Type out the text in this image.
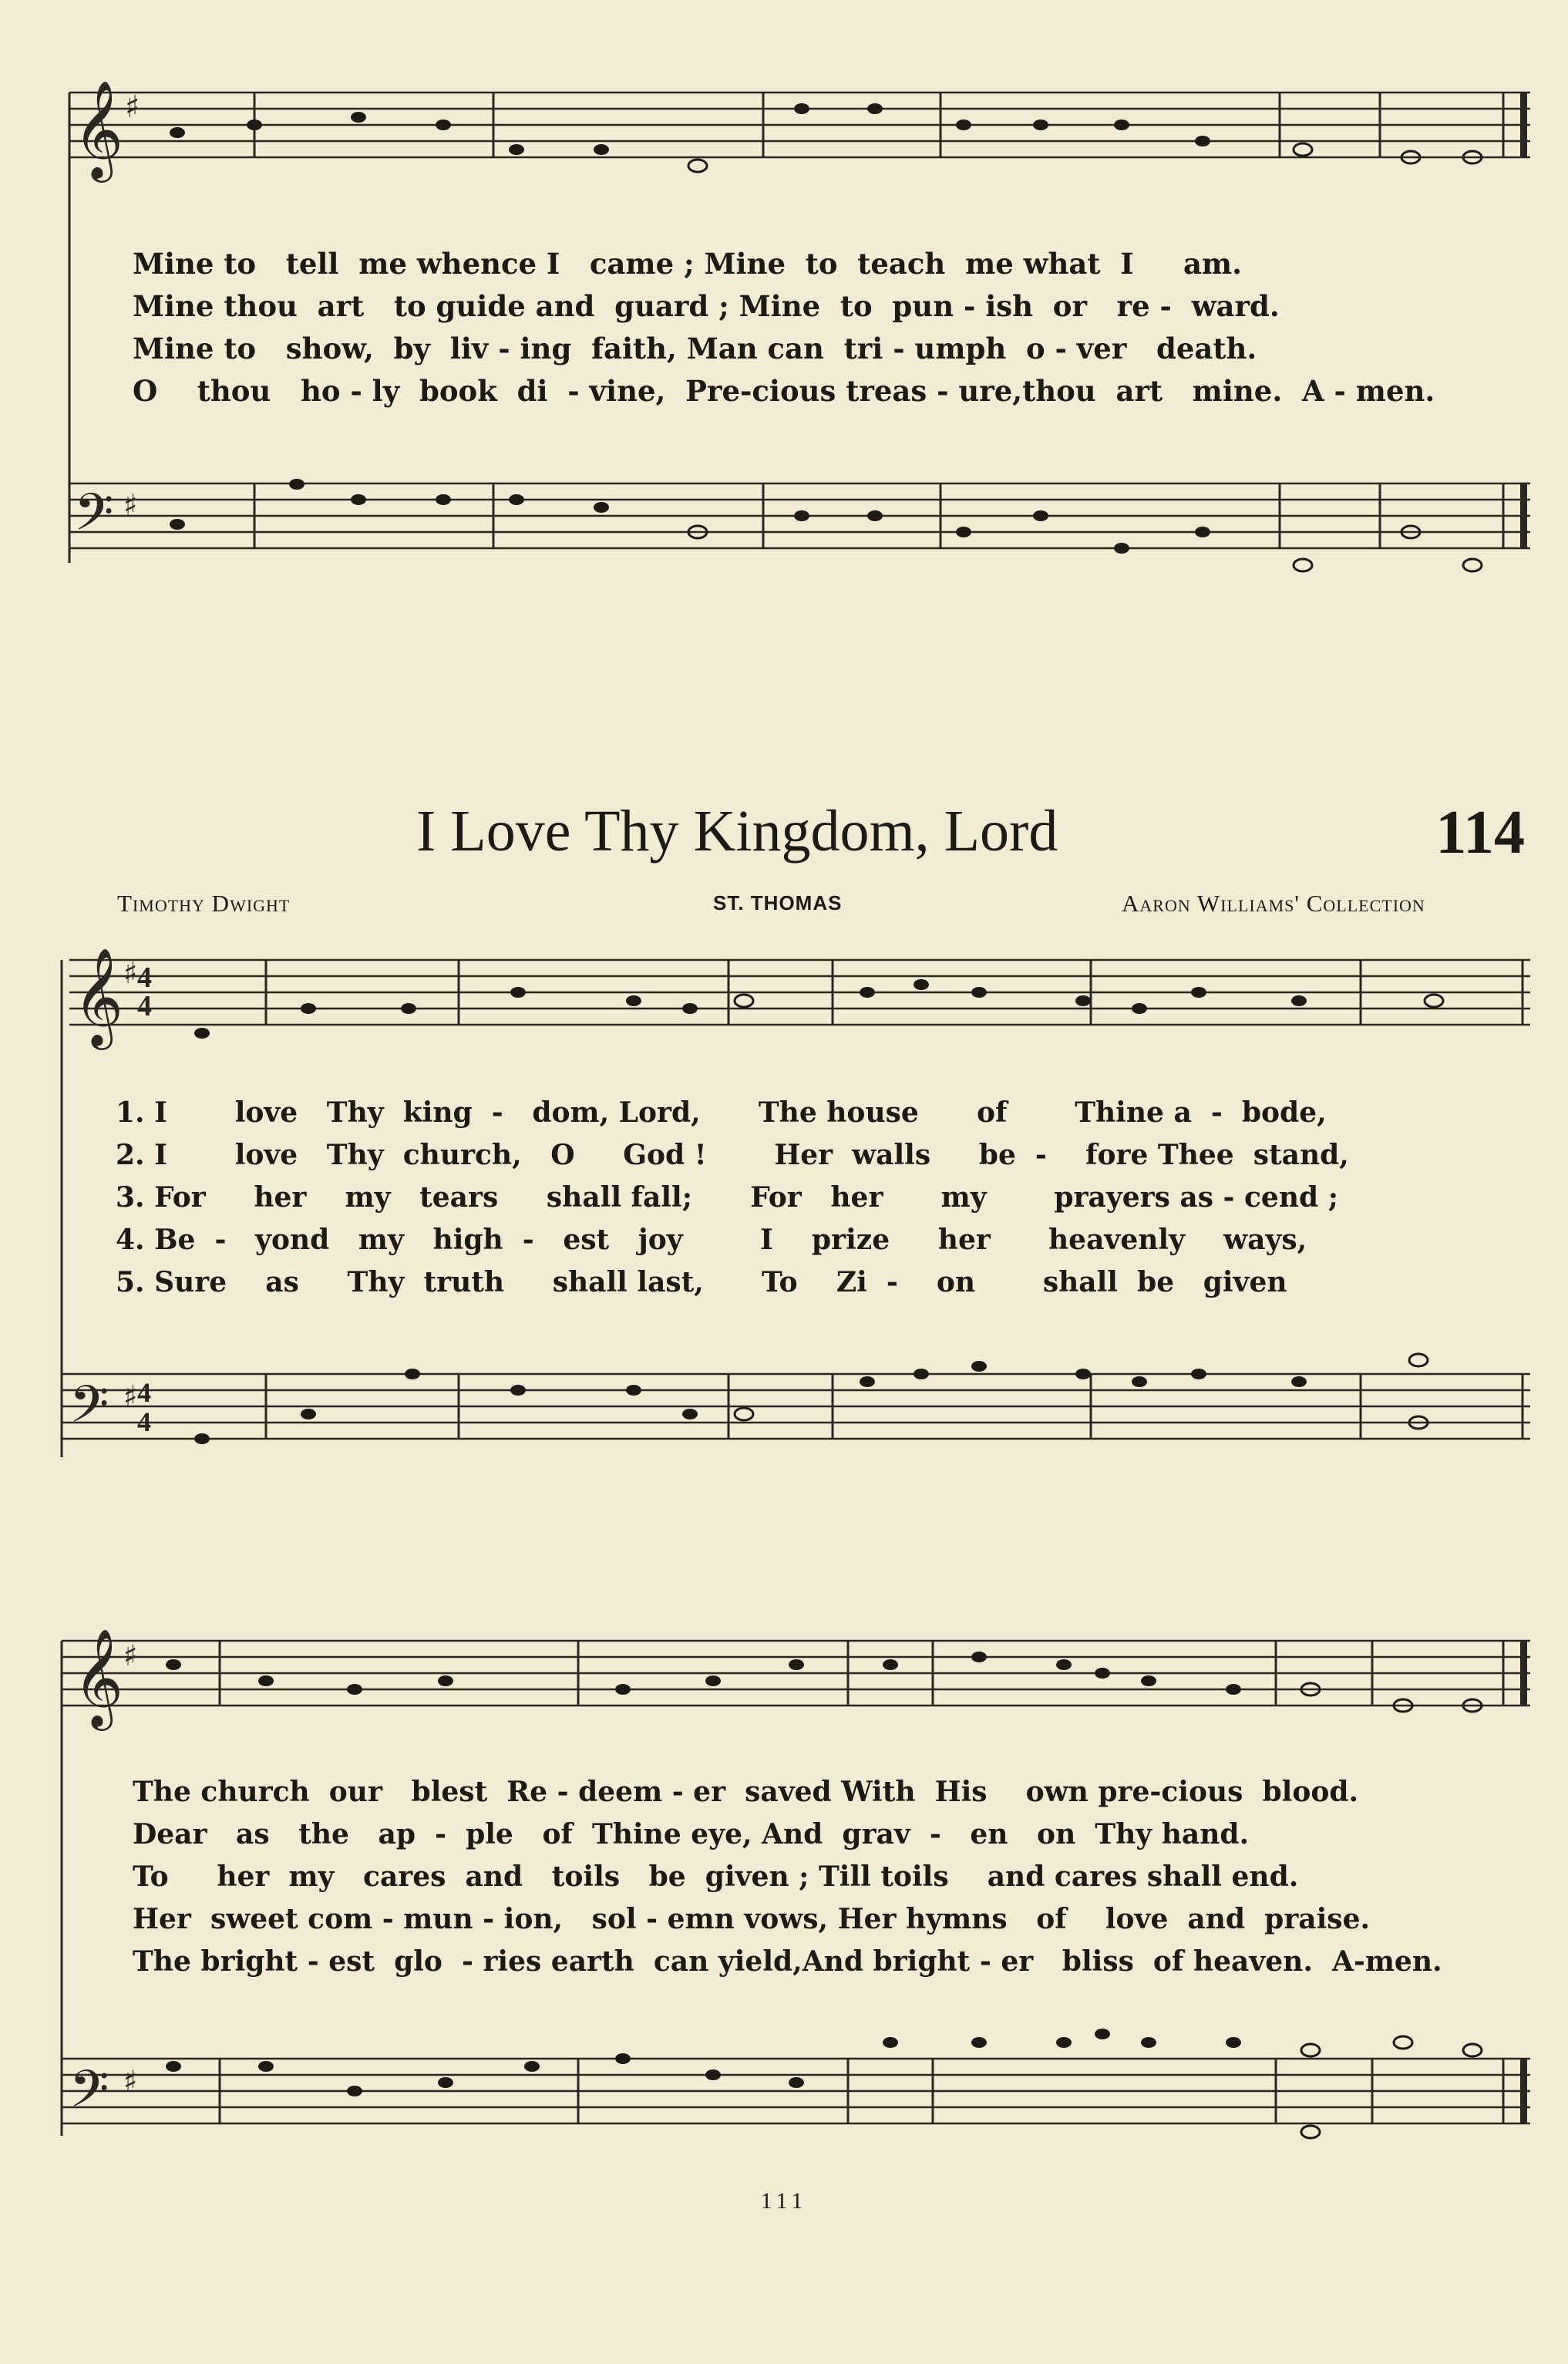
𝄞 ♯
Mine to   tell  me whence I   came ; Mine  to  teach  me what  I     am.
Mine thou  art   to guide and  guard ; Mine  to  pun - ish  or   re -  ward.
Mine to   show,  by  liv - ing  faith, Man can  tri - umph  o - ver   death.
O    thou   ho - ly  book  di  - vine,  Pre-cious treas - ure,thou  art   mine.  A - men.
𝄢 ♯
I Love Thy Kingdom, Lord	114
Timothy Dwight	ST. THOMAS	Aaron Williams' Collection
𝄞 ♯ 4
4
1. I       love   Thy  king  -   dom, Lord,      The house      of       Thine a  -  bode,
2. I       love   Thy  church,   O     God !       Her  walls     be  -    fore Thee  stand,
3. For     her    my   tears     shall fall;      For   her      my       prayers as - cend ;
4. Be  -   yond   my   high  -   est   joy        I    prize     her      heavenly    ways,
5. Sure    as     Thy  truth     shall last,      To    Zi  -    on       shall  be   given
𝄢 ♯ 4
4
𝄞 ♯
The church  our   blest  Re - deem - er  saved With  His    own pre-cious  blood.
Dear   as   the   ap  -  ple   of  Thine eye, And  grav  -   en   on  Thy hand.
To     her  my   cares  and   toils   be  given ; Till toils    and cares shall end.
Her  sweet com - mun - ion,   sol - emn vows, Her hymns   of    love  and  praise.
The bright - est  glo  - ries earth  can yield,And bright - er   bliss  of heaven.  A-men.
𝄢 ♯
111
